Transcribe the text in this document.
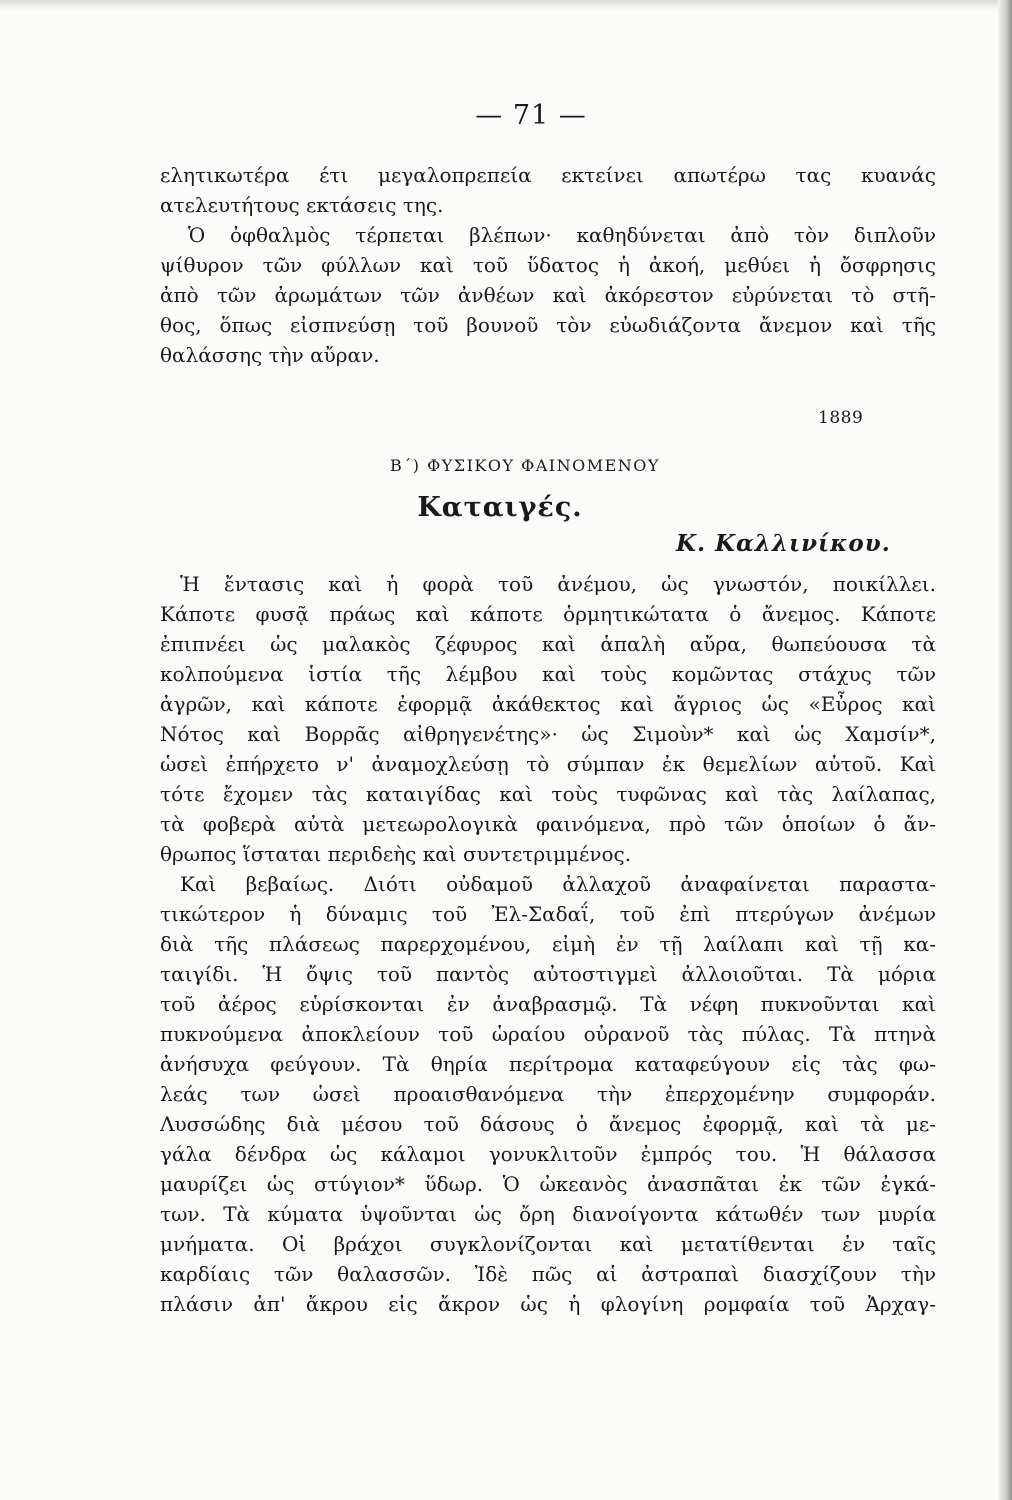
— 71 —
ελητικωτέρα έτι μεγαλοπρεπεία εκτείνει απωτέρω τας κυανάς
ατελευτήτους εκτάσεις της.
Ὁ ὀφθαλμὸς τέρπεται βλέπων· καθηδύνεται ἀπὸ τὸν διπλοῦν
ψίθυρον τῶν φύλλων καὶ τοῦ ὕδατος ἡ ἀκοή, μεθύει ἡ ὄσφρησις
ἀπὸ τῶν ἀρωμάτων τῶν ἀνθέων καὶ ἀκόρεστον εὐρύνεται τὸ στῆ-
θος, ὅπως εἰσπνεύσῃ τοῦ βουνοῦ τὸν εὐωδιάζοντα ἄνεμον καὶ τῆς
θαλάσσης τὴν αὔραν.
1889
Β΄) ΦΥΣΙΚΟΥ ΦΑΙΝΟΜΕΝΟΥ
Καταιγές.
Κ. Καλλινίκου.
Ἡ ἔντασις καὶ ἡ φορὰ τοῦ ἀνέμου, ὡς γνωστόν, ποικίλλει.
Κάποτε φυσᾷ πράως καὶ κάποτε ὁρμητικώτατα ὁ ἄνεμος. Κάποτε
ἐπιπνέει ὡς μαλακὸς ζέφυρος καὶ ἁπαλὴ αὔρα, θωπεύουσα τὰ
κολπούμενα ἱστία τῆς λέμβου καὶ τοὺς κομῶντας στάχυς τῶν
ἀγρῶν, καὶ κάποτε ἐφορμᾷ ἀκάθεκτος καὶ ἄγριος ὡς «Εὖρος καὶ
Νότος καὶ Βορρᾶς αἰθρηγενέτης»· ὡς Σιμοὺν* καὶ ὡς Χαμσίν*,
ὡσεὶ ἐπήρχετο ν' ἀναμοχλεύσῃ τὸ σύμπαν ἐκ θεμελίων αὐτοῦ. Καὶ
τότε ἔχομεν τὰς καταιγίδας καὶ τοὺς τυφῶνας καὶ τὰς λαίλαπας,
τὰ φοβερὰ αὐτὰ μετεωρολογικὰ φαινόμενα, πρὸ τῶν ὁποίων ὁ ἄν-
θρωπος ἵσταται περιδεὴς καὶ συντετριμμένος.
Καὶ βεβαίως. Διότι οὐδαμοῦ ἀλλαχοῦ ἀναφαίνεται παραστα-
τικώτερον ἡ δύναμις τοῦ Ἐλ-Σαδαΐ, τοῦ ἐπὶ πτερύγων ἀνέμων
διὰ τῆς πλάσεως παρερχομένου, εἰμὴ ἐν τῇ λαίλαπι καὶ τῇ κα-
ταιγίδι. Ἡ ὄψις τοῦ παντὸς αὐτοστιγμεὶ ἀλλοιοῦται. Τὰ μόρια
τοῦ ἀέρος εὑρίσκονται ἐν ἀναβρασμῷ. Τὰ νέφη πυκνοῦνται καὶ
πυκνούμενα ἀποκλείουν τοῦ ὡραίου οὐρανοῦ τὰς πύλας. Τὰ πτηνὰ
ἀνήσυχα φεύγουν. Τὰ θηρία περίτρομα καταφεύγουν εἰς τὰς φω-
λεάς των ὡσεὶ προαισθανόμενα τὴν ἐπερχομένην συμφοράν.
Λυσσώδης διὰ μέσου τοῦ δάσους ὁ ἄνεμος ἐφορμᾷ, καὶ τὰ με-
γάλα δένδρα ὡς κάλαμοι γονυκλιτοῦν ἐμπρός του. Ἡ θάλασσα
μαυρίζει ὡς στύγιον* ὕδωρ. Ὁ ὠκεανὸς ἀνασπᾶται ἐκ τῶν ἐγκά-
των. Τὰ κύματα ὑψοῦνται ὡς ὄρη διανοίγοντα κάτωθέν των μυρία
μνήματα. Οἱ βράχοι συγκλονίζονται καὶ μετατίθενται ἐν ταῖς
καρδίαις τῶν θαλασσῶν. Ἰδὲ πῶς αἱ ἀστραπαὶ διασχίζουν τὴν
πλάσιν ἀπ' ἄκρου εἰς ἄκρον ὡς ἡ φλογίνη ρομφαία τοῦ Ἀρχαγ-
